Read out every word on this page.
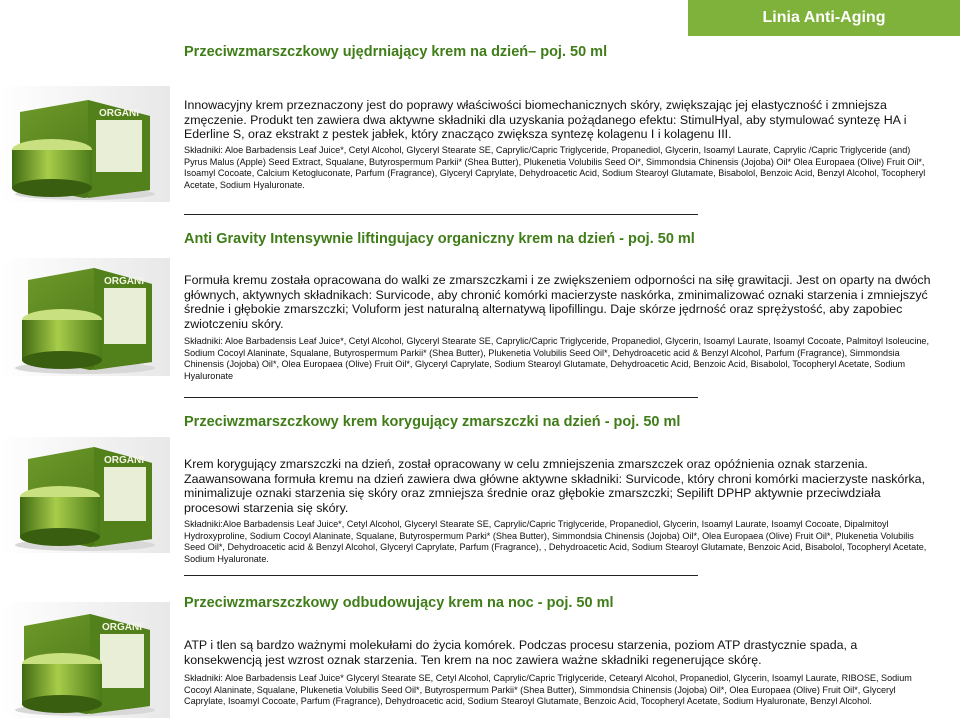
Linia Anti-Aging
ORGANI
Przeciwzmarszczkowy ujędrniający krem na dzień– poj. 50 ml
Innowacyjny krem przeznaczony jest do poprawy właściwości biomechanicznych skóry, zwiększając jej elastyczność i zmniejsza zmęczenie. Produkt ten zawiera dwa aktywne składniki dla uzyskania pożądanego efektu: StimulHyal, aby stymulować syntezę HA i Ederline S, oraz ekstrakt z pestek jabłek, który znacząco zwiększa syntezę kolagenu I i kolagenu III.
Składniki: Aloe Barbadensis Leaf Juice*, Cetyl Alcohol, Glyceryl Stearate SE, Caprylic/Capric Triglyceride, Propanediol, Glycerin, Isoamyl Laurate, Caprylic /Capric Triglyceride (and) Pyrus Malus (Apple) Seed Extract, Squalane, Butyrospermum Parkii* (Shea Butter), Plukenetia Volubilis Seed Oi*, Simmondsia Chinensis (Jojoba) Oil* Olea Europaea (Olive) Fruit Oil*, Isoamyl Cocoate, Calcium Ketogluconate, Parfum (Fragrance), Glyceryl Caprylate, Dehydroacetic Acid, Sodium Stearoyl Glutamate, Bisabolol, Benzoic Acid, Benzyl Alcohol, Tocopheryl Acetate, Sodium Hyaluronate.
ORGANI
Anti Gravity Intensywnie liftingujacy organiczny krem na dzień - poj. 50 ml
Formuła kremu została opracowana do walki ze zmarszczkami i ze zwiększeniem odporności na siłę grawitacji. Jest on oparty na dwóch głównych, aktywnych składnikach: Survicode, aby chronić komórki macierzyste naskórka, zminimalizować oznaki starzenia i zmniejszyć średnie i głębokie zmarszczki; Voluform jest naturalną alternatywą lipofillingu. Daje skórze jędrność oraz sprężystość, aby zapobiec zwiotczeniu skóry.
Składniki: Aloe Barbadensis Leaf Juice*, Cetyl Alcohol, Glyceryl Stearate SE, Caprylic/Capric Triglyceride, Propanediol, Glycerin, Isoamyl Laurate, Isoamyl Cocoate, Palmitoyl Isoleucine, Sodium Cocoyl Alaninate, Squalane, Butyrospermum Parkii* (Shea Butter), Plukenetia Volubilis Seed Oil*, Dehydroacetic acid & Benzyl Alcohol, Parfum (Fragrance), Simmondsia Chinensis (Jojoba) Oil*, Olea Europaea (Olive) Fruit Oil*, Glyceryl Caprylate, Sodium Stearoyl Glutamate, Dehydroacetic Acid, Benzoic Acid, Bisabolol, Tocopheryl Acetate, Sodium Hyaluronate
ORGANI
Przeciwzmarszczkowy krem korygujący zmarszczki na dzień - poj. 50 ml
Krem korygujący zmarszczki na dzień, został opracowany w celu zmniejszenia zmarszczek oraz opóźnienia oznak starzenia. Zaawansowana formuła kremu na dzień zawiera dwa główne aktywne składniki: Survicode, który chroni komórki macierzyste naskórka, minimalizuje oznaki starzenia się skóry oraz zmniejsza średnie oraz głębokie zmarszczki; Sepilift DPHP aktywnie przeciwdziała procesowi starzenia się skóry.
Składniki:Aloe Barbadensis Leaf Juice*, Cetyl Alcohol, Glyceryl Stearate SE, Caprylic/Capric Triglyceride, Propanediol, Glycerin, Isoamyl Laurate, Isoamyl Cocoate, Dipalmitoyl Hydroxyproline, Sodium Cocoyl Alaninate, Squalane, Butyrospermum Parki* (Shea Butter), Simmondsia Chinensis (Jojoba) Oil*, Olea Europaea (Olive) Fruit Oil*, Plukenetia Volubilis Seed Oil*, Dehydroacetic acid & Benzyl Alcohol, Glyceryl Caprylate, Parfum (Fragrance), , Dehydroacetic Acid, Sodium Stearoyl Glutamate, Benzoic Acid, Bisabolol, Tocopheryl Acetate, Sodium Hyaluronate.
ORGANI
Przeciwzmarszczkowy odbudowujący krem na noc - poj. 50 ml
ATP i tlen są bardzo ważnymi molekułami do życia komórek. Podczas procesu starzenia, poziom ATP drastycznie spada, a konsekwencją jest wzrost oznak starzenia. Ten krem na noc zawiera ważne składniki regenerujące skórę.
Składniki: Aloe Barbadensis Leaf Juice* Glyceryl Stearate SE, Cetyl Alcohol, Caprylic/Capric Triglyceride, Cetearyl Alcohol, Propanediol, Glycerin, Isoamyl Laurate, RIBOSE, Sodium Cocoyl Alaninate, Squalane, Plukenetia Volubilis Seed Oil*, Butyrospermum Parkii* (Shea Butter), Simmondsia Chinensis (Jojoba) Oil*, Olea Europaea (Olive) Fruit Oil*, Glyceryl Caprylate, Isoamyl Cocoate, Parfum (Fragrance), Dehydroacetic acid, Sodium Stearoyl Glutamate, Benzoic Acid, Tocopheryl Acetate, Sodium Hyaluronate, Benzyl Alcohol.
